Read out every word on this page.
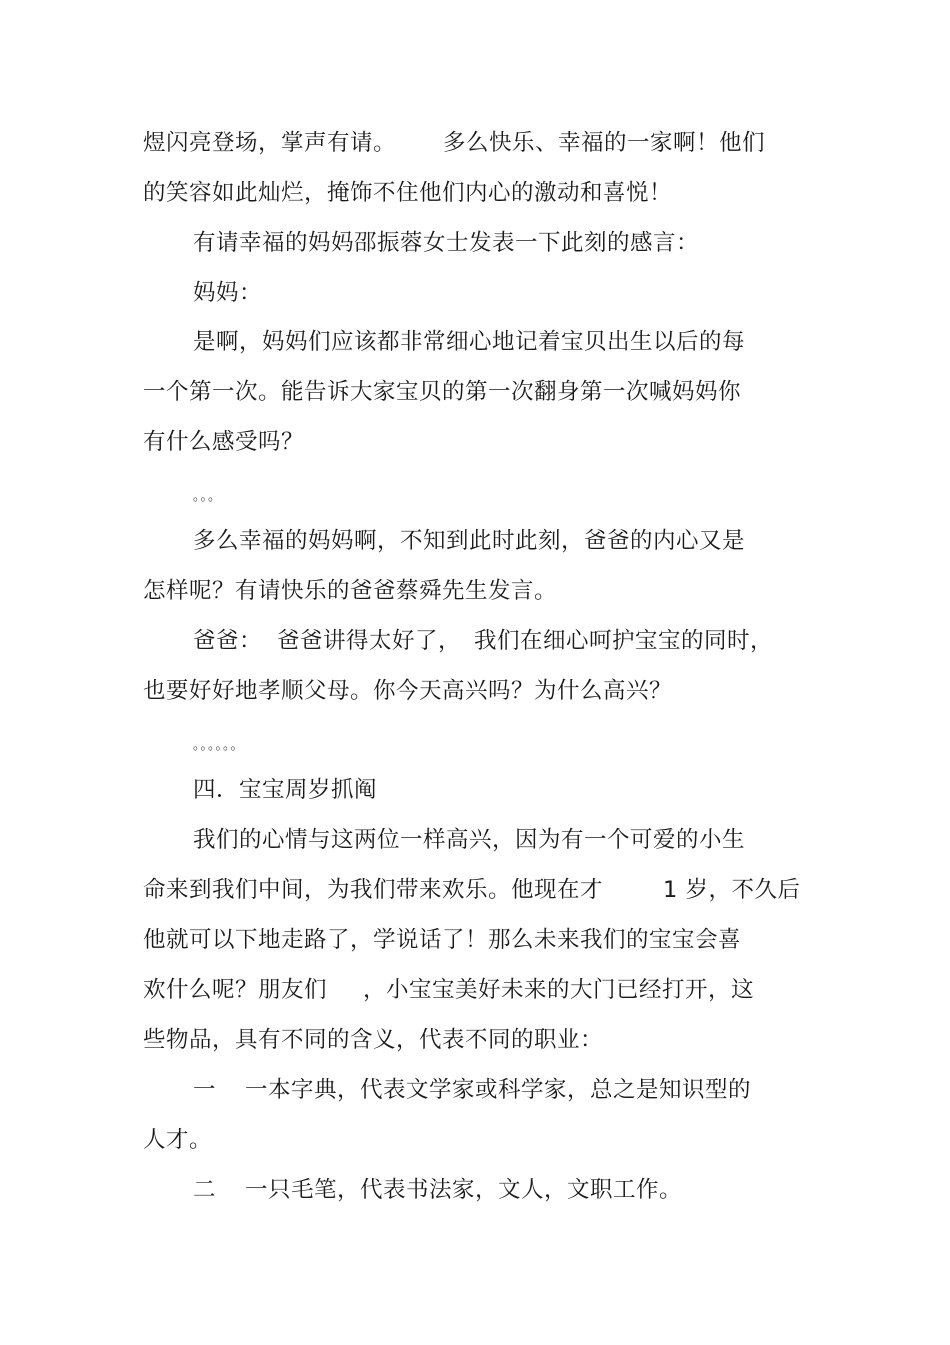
煜闪亮登场，掌声有请。 多么快乐、幸福的一家啊！他们
的笑容如此灿烂，掩饰不住他们内心的激动和喜悦！
有请幸福的妈妈邵振蓉女士发表一下此刻的感言：
妈妈：
是啊，妈妈们应该都非常细心地记着宝贝出生以后的每
一个第一次。能告诉大家宝贝的第一次翻身第一次喊妈妈你
有什么感受吗？
。。。
多么幸福的妈妈啊，不知到此时此刻，爸爸的内心又是
怎样呢？有请快乐的爸爸蔡舜先生发言。
爸爸： 爸爸讲得太好了， 我们在细心呵护宝宝的同时，
也要好好地孝顺父母。你今天高兴吗？为什么高兴？
。。。。。。
四．宝宝周岁抓阄
我们的心情与这两位一样高兴，因为有一个可爱的小生
命来到我们中间，为我们带来欢乐。他现在才	1 岁，不久后
他就可以下地走路了，学说话了！那么未来我们的宝宝会喜
欢什么呢？朋友们 ，小宝宝美好未来的大门已经打开，这
些物品，具有不同的含义，代表不同的职业：
一 一本字典，代表文学家或科学家，总之是知识型的
人才。
二 一只毛笔，代表书法家，文人，文职工作。
